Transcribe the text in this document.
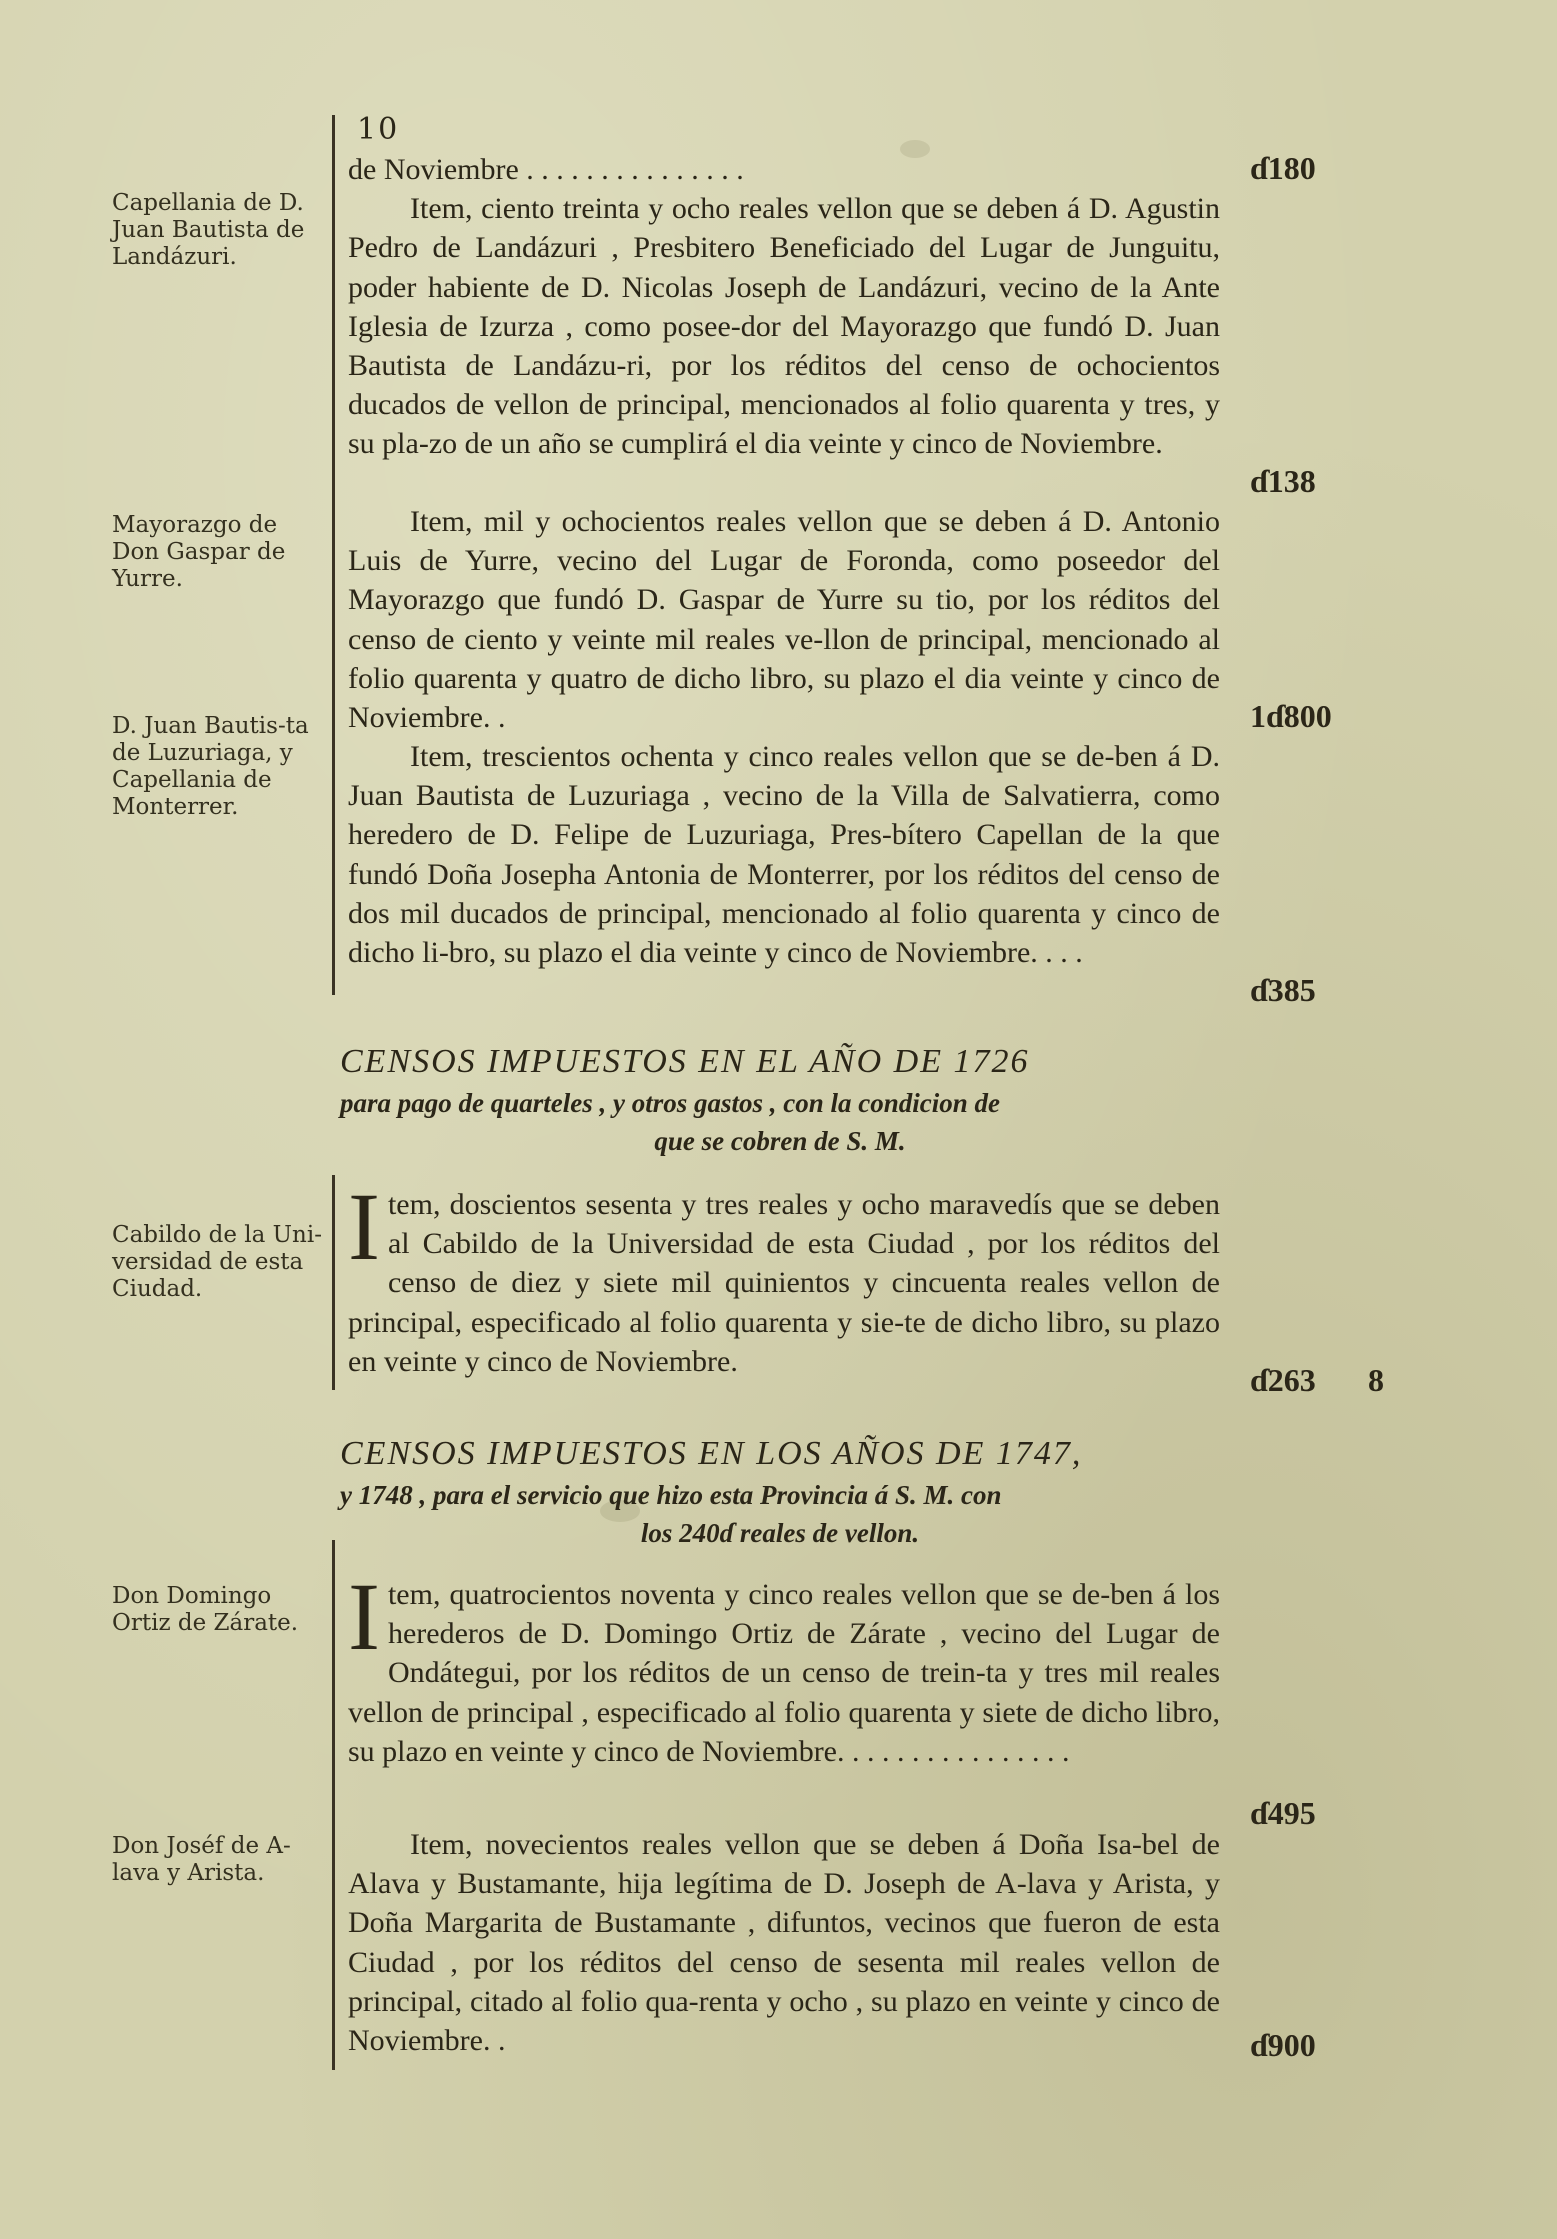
10
Capellania de D. Juan Bautista de Landázuri.

de Noviembre . . . . . . . . . . . . . . .

Item, ciento treinta y ocho reales vellon que se deben á D. Agustin Pedro de Landázuri , Presbitero Beneficiado del Lugar de Junguitu, poder habiente de D. Nicolas Joseph de Landázuri, vecino de la Ante Iglesia de Izurza , como posee-dor del Mayorazgo que fundó D. Juan Bautista de Landázu-ri, por los réditos del censo de ochocientos ducados de vellon de principal, mencionados al folio quarenta y tres, y su pla-zo de un año se cumplirá el dia veinte y cinco de Noviembre.

ɗ180
ɗ138
Mayorazgo de Don Gaspar de Yurre.

Item, mil y ochocientos reales vellon que se deben á D. Antonio Luis de Yurre, vecino del Lugar de Foronda, como poseedor del Mayorazgo que fundó D. Gaspar de Yurre su tio, por los réditos del censo de ciento y veinte mil reales ve-llon de principal, mencionado al folio quarenta y quatro de dicho libro, su plazo el dia veinte y cinco de Noviembre. .	1ɗ800
D. Juan Bautis-ta de Luzuriaga, y Capellania de Monterrer.

Item, trescientos ochenta y cinco reales vellon que se de-ben á D. Juan Bautista de Luzuriaga , vecino de la Villa de Salvatierra, como heredero de D. Felipe de Luzuriaga, Pres-bítero Capellan de la que fundó Doña Josepha Antonia de Monterrer, por los réditos del censo de dos mil ducados de principal, mencionado al folio quarenta y cinco de dicho li-bro, su plazo el dia veinte y cinco de Noviembre. . . .

ɗ385
CENSOS IMPUESTOS EN EL AÑO DE 1726
para pago de quarteles , y otros gastos , con la condicion de
que se cobren de S. M.
Cabildo de la Uni-versidad de esta Ciudad.

Item, doscientos sesenta y tres reales y ocho maravedís que se deben al Cabildo de la Universidad de esta Ciudad , por los réditos del censo de diez y siete mil quinientos y cincuenta reales vellon de principal, especificado al folio quarenta y sie-te de dicho libro, su plazo en veinte y cinco de Noviembre.

ɗ263 8
CENSOS IMPUESTOS EN LOS AÑOS DE 1747,
y 1748 , para el servicio que hizo esta Provincia á S. M. con
los 240ɗ reales de vellon.
Don Domingo Ortiz de Zárate. Item, quatrocientos noventa y cinco reales vellon que se de-ben á los herederos de D. Domingo Ortiz de Zárate , vecino del Lugar de Ondátegui, por los réditos de un censo de trein-ta y tres mil reales vellon de principal , especificado al folio quarenta y siete de dicho libro, su plazo en veinte y cinco de Noviembre. . . . . . . . . . . . . . . .

ɗ495
Don Joséf de A-lava y Arista.

Item, novecientos reales vellon que se deben á Doña Isa-bel de Alava y Bustamante, hija legítima de D. Joseph de A-lava y Arista, y Doña Margarita de Bustamante , difuntos, vecinos que fueron de esta Ciudad , por los réditos del censo de sesenta mil reales vellon de principal, citado al folio qua-renta y ocho , su plazo en veinte y cinco de Noviembre. .	ɗ900
